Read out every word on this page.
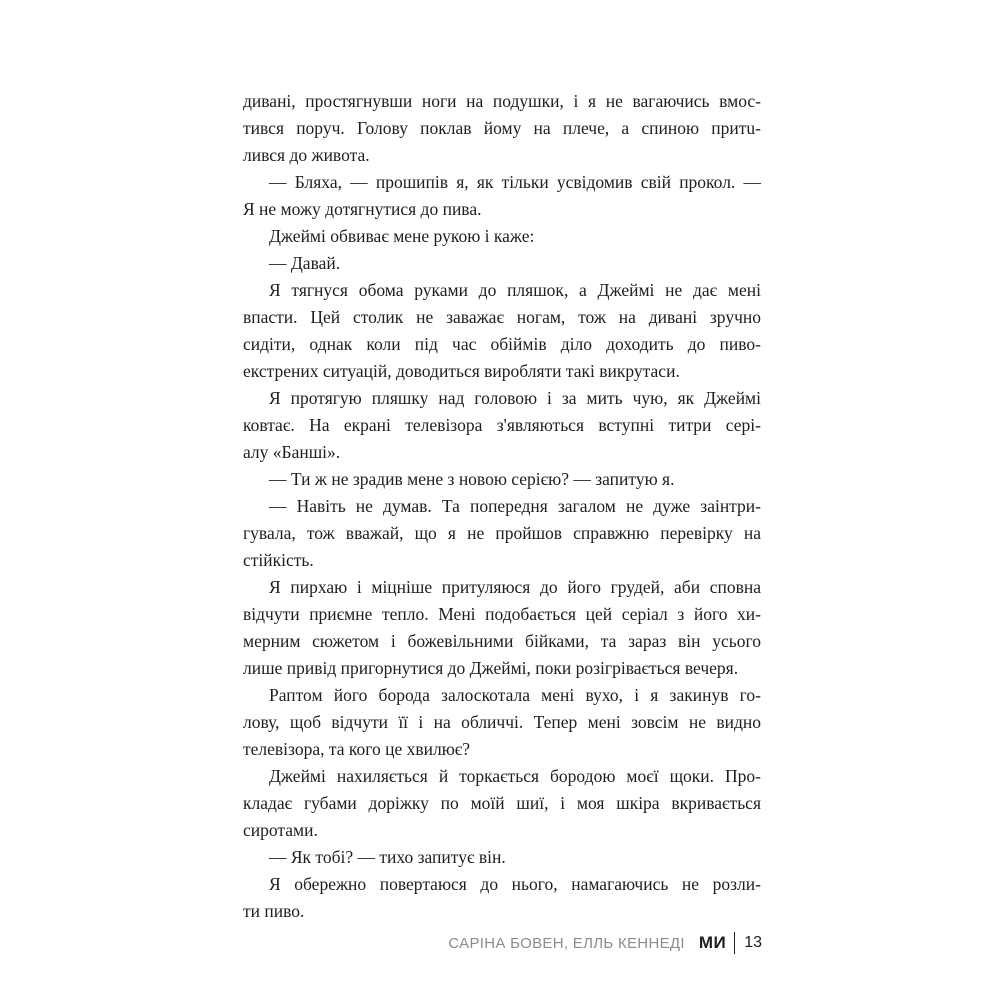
дивані, простягнувши ноги на подушки, і я не вагаючись вмос-
тився поруч. Голову поклав йому на плече, а спиною притu-
лився до живота.
— Бляха, — прошипів я, як тільки усвідомив свій прокол. —
Я не можу дотягнутися до пива.
Джеймі обвиває мене рукою і каже:
— Давай.
Я тягнуся обома руками до пляшок, а Джеймі не дає мені
впасти. Цей столик не заважає ногам, тож на дивані зручно
сидіти, однак коли під час обіймів діло доходить до пиво-
екстрених ситуацій, доводиться виробляти такі викрутаси.
Я протягую пляшку над головою і за мить чую, як Джеймі
ковтає. На екрані телевізора з'являються вступні титри серi-
алу «Банші».
— Ти ж не зрадив мене з новою серією? — запитую я.
— Навіть не думав. Та попередня загалом не дуже заінтри-
гувала, тож вважай, що я не пройшов справжню перевірку на
стійкість.
Я пирхаю і міцніше притуляюся до його грудей, аби сповна
відчути приємне тепло. Мені подобається цей серіал з його хи-
мерним сюжетом і божевільними бійками, та зараз він усього
лише привід пригорнутися до Джеймі, поки розігрівається вечеря.
Раптом його борода залоскотала мені вухо, і я закинув го-
лову, щоб відчути її і на обличчі. Тепер мені зовсім не видно
телевізора, та кого це хвилює?
Джеймі нахиляється й торкається бородою моєї щоки. Про-
кладає губами доріжку по моїй шиї, і моя шкіра вкривається
сиротами.
— Як тобі? — тихо запитує він.
Я обережно повертаюся до нього, намагаючись не розли-
ти пиво.
САРІНА БОВЕН, ЕЛЛЬ КЕННЕДІ МИ 13
